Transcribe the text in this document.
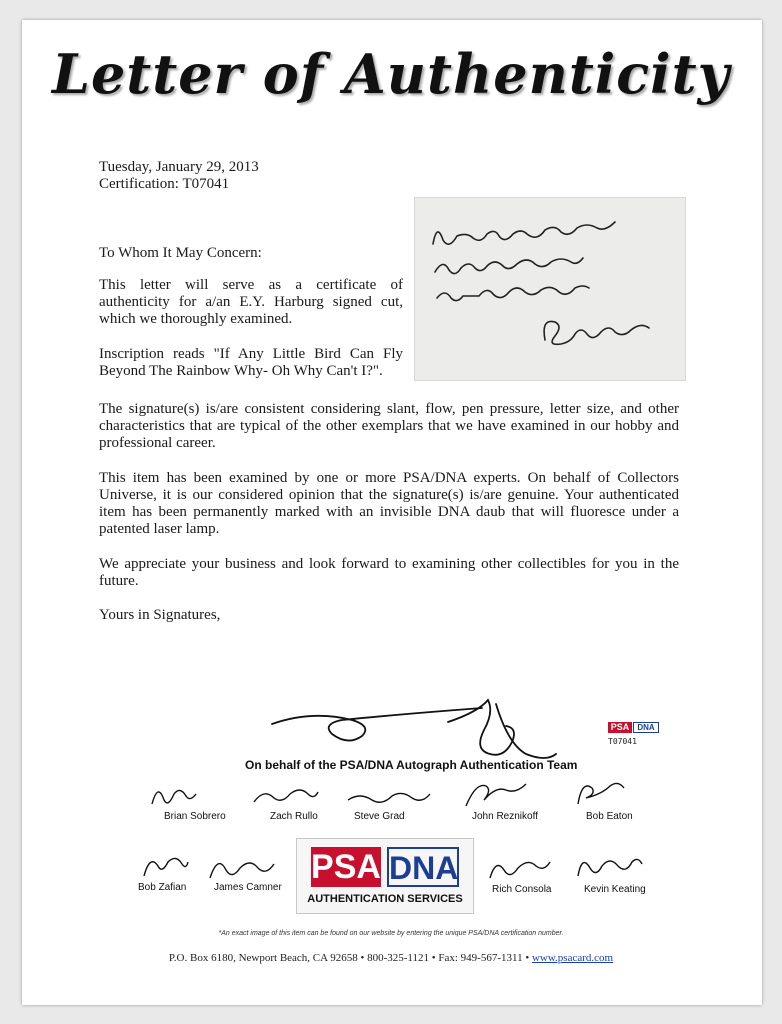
Letter of Authenticity
Tuesday, January 29, 2013
Certification: T07041
To Whom It May Concern:
This letter will serve as a certificate of authenticity for a/an E.Y. Harburg signed cut, which we thoroughly examined.
Inscription reads "If Any Little Bird Can Fly Beyond The Rainbow Why- Oh Why Can't I?".
The signature(s) is/are consistent considering slant, flow, pen pressure, letter size, and other characteristics that are typical of the other exemplars that we have examined in our hobby and professional career.
This item has been examined by one or more PSA/DNA experts. On behalf of Collectors Universe, it is our considered opinion that the signature(s) is/are genuine. Your authenticated item has been permanently marked with an invisible DNA daub that will fluoresce under a patented laser lamp.
We appreciate your business and look forward to examining other collectibles for you in the future.
Yours in Signatures,
PSA	DNA
T07041
On behalf of the PSA/DNA Autograph Authentication Team
Brian Sobrero	Zach Rullo	Steve Grad	John Reznikoff	Bob Eaton
Bob Zafian	James Camner
PSA DNA
AUTHENTICATION SERVICES
Rich Consola	Kevin Keating
*An exact image of this item can be found on our website by entering the unique PSA/DNA certification number.
P.O. Box 6180, Newport Beach, CA 92658 • 800-325-1121 • Fax: 949-567-1311 • www.psacard.com
